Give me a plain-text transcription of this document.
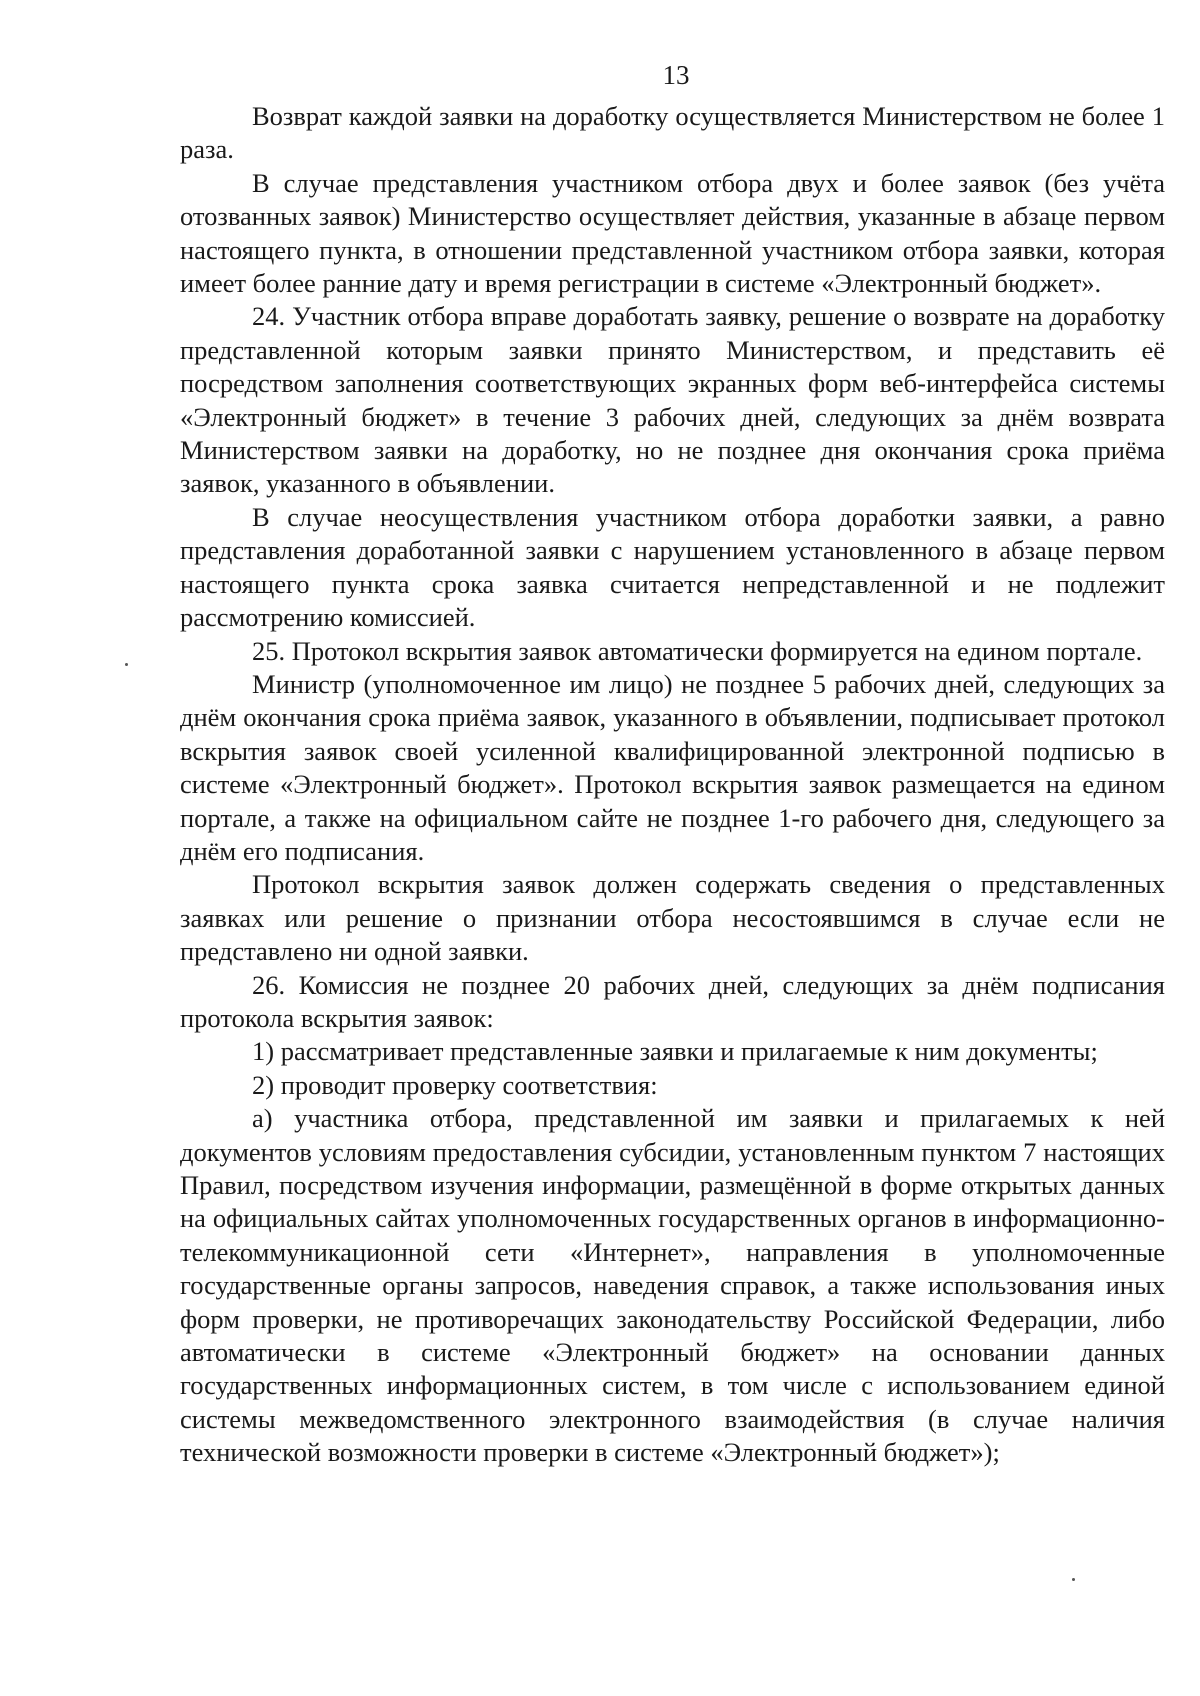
13

Возврат каждой заявки на доработку осуществляется Министерством не более 1 раза.

В случае представления участником отбора двух и более заявок (без учёта отозванных заявок) Министерство осуществляет действия, указанные в абзаце первом настоящего пункта, в отношении представленной участником отбора заявки, которая имеет более ранние дату и время регистрации в системе «Электронный бюджет».

24. Участник отбора вправе доработать заявку, решение о возврате на доработку представленной которым заявки принято Министерством, и представить её посредством заполнения соответствующих экранных форм веб-интерфейса системы «Электронный бюджет» в течение 3 рабочих дней, следующих за днём возврата Министерством заявки на доработку, но не позднее дня окончания срока приёма заявок, указанного в объявлении.

В случае неосуществления участником отбора доработки заявки, а равно представления доработанной заявки с нарушением установленного в абзаце первом настоящего пункта срока заявка считается непредставленной и не подлежит рассмотрению комиссией.

25. Протокол вскрытия заявок автоматически формируется на едином портале.

Министр (уполномоченное им лицо) не позднее 5 рабочих дней, следующих за днём окончания срока приёма заявок, указанного в объявлении, подписывает протокол вскрытия заявок своей усиленной квалифицированной электронной подписью в системе «Электронный бюджет». Протокол вскрытия заявок размещается на едином портале, а также на официальном сайте не позднее 1-го рабочего дня, следующего за днём его подписания.

Протокол вскрытия заявок должен содержать сведения о представленных заявках или решение о признании отбора несостоявшимся в случае если не представлено ни одной заявки.

26. Комиссия не позднее 20 рабочих дней, следующих за днём подписания протокола вскрытия заявок:

1) рассматривает представленные заявки и прилагаемые к ним документы;

2) проводит проверку соответствия:

а) участника отбора, представленной им заявки и прилагаемых к ней документов условиям предоставления субсидии, установленным пунктом 7 настоящих Правил, посредством изучения информации, размещённой в форме открытых данных на официальных сайтах уполномоченных государственных органов в информационно-телекоммуникационной сети «Интернет», направления в уполномоченные государственные органы запросов, наведения справок, а также использования иных форм проверки, не противоречащих законодательству Российской Федерации, либо автоматически в системе «Электронный бюджет» на основании данных государственных информационных систем, в том числе с использованием единой системы межведомственного электронного взаимодействия (в случае наличия технической возможности проверки в системе «Электронный бюджет»);
